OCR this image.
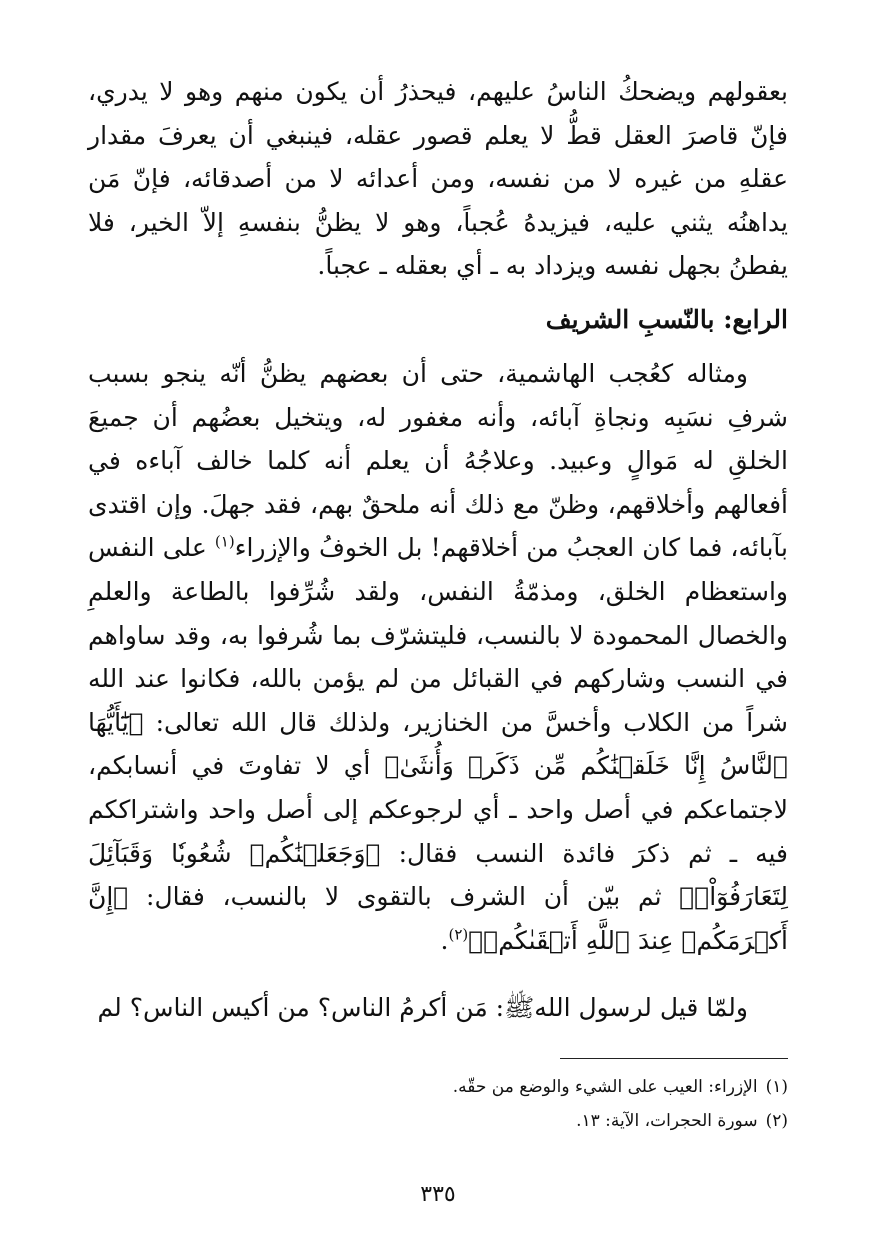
بعقولهم ويضحكُ الناسُ عليهم، فيحذرُ أن يكون منهم وهو لا يدري، فإنّ قاصرَ العقل قطُّ لا يعلم قصور عقله، فينبغي أن يعرفَ مقدار عقلهِ من غيره لا من نفسه، ومن أعدائه لا من أصدقائه، فإنّ مَن يداهنُه يثني عليه، فيزيدهُ عُجباً، وهو لا يظنُّ بنفسهِ إلاّ الخير، فلا يفطنُ بجهل نفسه ويزداد به ـ أي بعقله ـ عجباً.
الرابع: بالنّسبِ الشريف
ومثاله كعُجب الهاشمية، حتى أن بعضهم يظنُّ أنّه ينجو بسبب شرفِ نسَبِه ونجاةِ آبائه، وأنه مغفور له، ويتخيل بعضُهم أن جميعَ الخلقِ له مَوالٍ وعبيد. وعلاجُهُ أن يعلم أنه كلما خالف آباءه في أفعالهم وأخلاقهم، وظنّ مع ذلك أنه ملحقٌ بهم، فقد جهلَ. وإن اقتدى بآبائه، فما كان العجبُ من أخلاقهم! بل الخوفُ والإزراء$^{(١)}$ على النفس واستعظام الخلق، ومذمّةُ النفس، ولقد شُرِّفوا بالطاعة والعلمِ والخصال المحمودة لا بالنسب، فليتشرّف بما شُرفوا به، وقد ساواهم في النسب وشاركهم في القبائل من لم يؤمن بالله، فكانوا عند الله شراً من الكلاب وأخسَّ من الخنازير، ولذلك قال الله تعالى: ﴿يَٰٓأَيُّهَا ٱلنَّاسُ إِنَّا خَلَقۡنَٰكُم مِّن ذَكَرٖ وَأُنثَىٰ﴾ أي لا تفاوتَ في أنسابكم، لاجتماعكم في أصل واحد ـ أي لرجوعكم إلى أصل واحد واشتراككم فيه ـ ثم ذكرَ فائدة النسب فقال: ﴿وَجَعَلۡنَٰكُمۡ شُعُوبٗا وَقَبَآئِلَ لِتَعَارَفُوٓاْۚ﴾ ثم بيّن أن الشرف بالتقوى لا بالنسب، فقال: ﴿إِنَّ أَكۡرَمَكُمۡ عِندَ ٱللَّهِ أَتۡقَىٰكُمۡ﴾$^{(٢)}$.
ولمّا قيل لرسول اللهﷺ: مَن أكرمُ الناس؟ من أكيس الناس؟ لم
(١)الإزراء: العيب على الشيء والوضع من حقّه.
(٢)سورة الحجرات، الآية: ١٣.
٣٣٥
